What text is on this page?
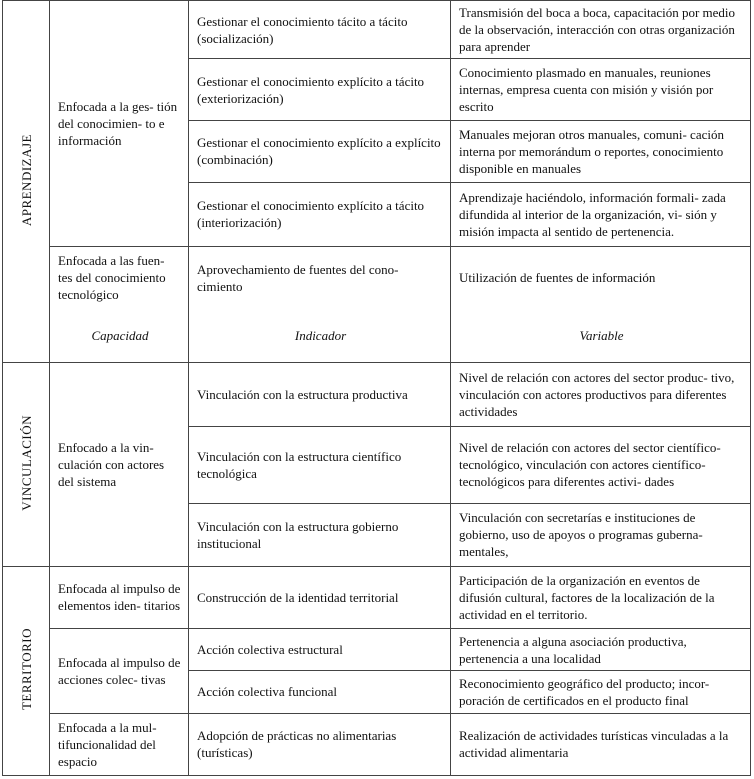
APRENDIZAJE	Enfocada a la ges- tión del conocimien- to e información	Gestionar el conocimiento tácito a tácito (socialización)	Transmisión del boca a boca, capacitación por medio de la observación, interacción con otras organización para aprender
		Gestionar el conocimiento explícito a tácito (exteriorización)	Conocimiento plasmado en manuales, reuniones internas, empresa cuenta con misión y visión por escrito
		Gestionar el conocimiento explícito a explícito (combinación)	Manuales mejoran otros manuales, comuni- cación interna por memorándum o reportes, conocimiento disponible en manuales
		Gestionar el conocimiento explícito a tácito (interiorización)	Aprendizaje haciéndolo, información formali- zada difundida al interior de la organización, vi- sión y misión impacta al sentido de pertenencia.
	Enfocada a las fuen- tes del conocimiento tecnológico	Aprovechamiento de fuentes del cono- cimiento	Utilización de fuentes de información
	Capacidad	Indicador	Variable
VINCULACIÓN	Enfocado a la vin- culación con actores del sistema	Vinculación con la estructura productiva	Nivel de relación con actores del sector produc- tivo, vinculación con actores productivos para diferentes actividades
		Vinculación con la estructura científico tecnológica	Nivel de relación con actores del sector científico-tecnológico, vinculación con actores científico-tecnológicos para diferentes activi- dades
		Vinculación con la estructura gobierno institucional	Vinculación con secretarías e instituciones de gobierno, uso de apoyos o programas guberna- mentales,
TERRITORIO	Enfocada al impulso de elementos iden- titarios	Construcción de la identidad territorial	Participación de la organización en eventos de difusión cultural, factores de la localización de la actividad en el territorio.
	Enfocada al impulso de acciones colec- tivas	Acción colectiva estructural	Pertenencia a alguna asociación productiva, pertenencia a una localidad
		Acción colectiva funcional	Reconocimiento geográfico del producto; incor- poración de certificados en el producto final
	Enfocada a la mul- tifuncionalidad del espacio	Adopción de prácticas no alimentarias (turísticas)	Realización de actividades turísticas vinculadas a la actividad alimentaria
